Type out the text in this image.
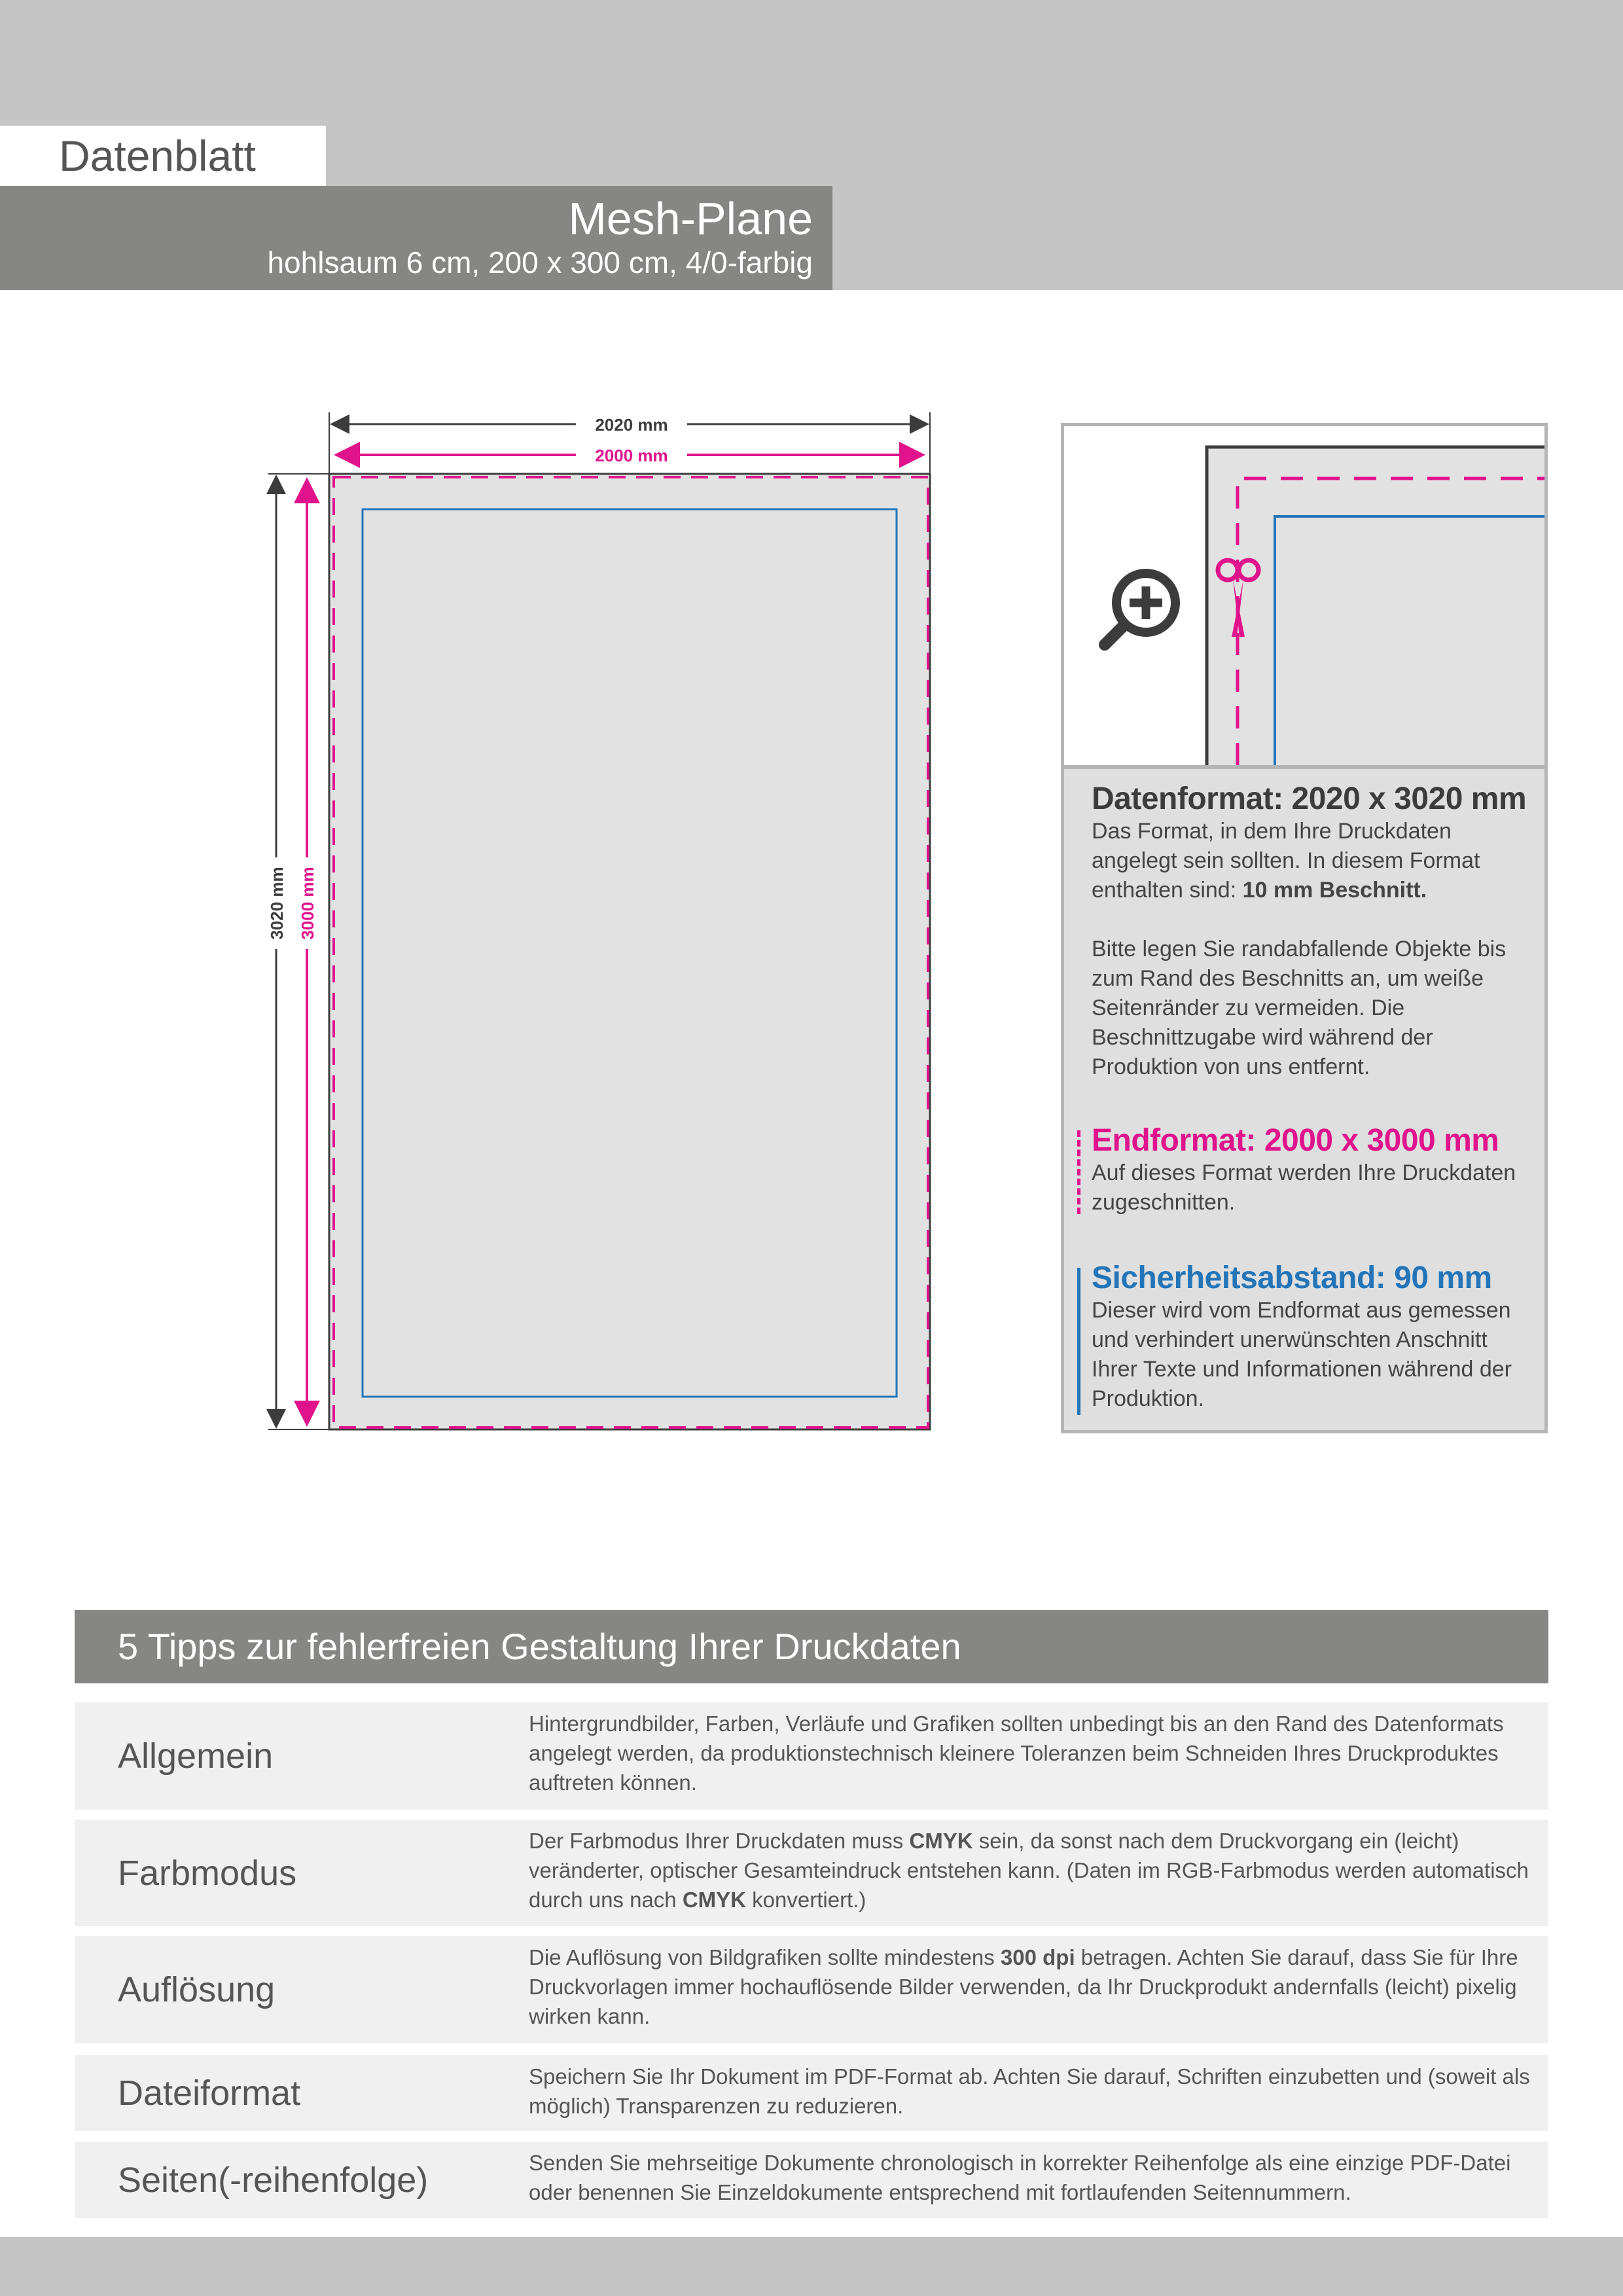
Datenblatt
Mesh-Plane
hohlsaum 6 cm, 200 x 300 cm, 4/0-farbig
2020 mm
2000 mm
3020 mm 3000 mm
Datenformat: 2020 x 3020 mm
Das Format, in dem Ihre Druckdaten angelegt sein sollten. In diesem Format enthalten sind: 10 mm Beschnitt.
Bitte legen Sie randabfallende Objekte bis zum Rand des Beschnitts an, um weiße Seitenränder zu vermeiden. Die Beschnittzugabe wird während der Produktion von uns entfernt.
Endformat: 2000 x 3000 mm
Auf dieses Format werden Ihre Druckdaten zugeschnitten.
Sicherheitsabstand: 90 mm
Dieser wird vom Endformat aus gemessen und verhindert unerwünschten Anschnitt Ihrer Texte und Informationen während der Produktion.
5 Tipps zur fehlerfreien Gestaltung Ihrer Druckdaten
Allgemein
Hintergrundbilder, Farben, Verläufe und Grafiken sollten unbedingt bis an den Rand des Datenformats angelegt werden, da produktionstechnisch kleinere Toleranzen beim Schneiden Ihres Druckproduktes auftreten können.
Farbmodus
Der Farbmodus Ihrer Druckdaten muss CMYK sein, da sonst nach dem Druckvorgang ein (leicht) veränderter, optischer Gesamteindruck entstehen kann. (Daten im RGB-Farbmodus werden automatisch durch uns nach CMYK konvertiert.)
Auflösung
Die Auflösung von Bildgrafiken sollte mindestens 300 dpi betragen. Achten Sie darauf, dass Sie für Ihre Druckvorlagen immer hochauflösende Bilder verwenden, da Ihr Druckprodukt andernfalls (leicht) pixelig wirken kann.
Dateiformat	Speichern Sie Ihr Dokument im PDF-Format ab. Achten Sie darauf, Schriften einzubetten und (soweit als möglich) Transparenzen zu reduzieren.
Seiten(-reihenfolge)	Senden Sie mehrseitige Dokumente chronologisch in korrekter Reihenfolge als eine einzige PDF-Datei oder benennen Sie Einzeldokumente entsprechend mit fortlaufenden Seitennummern.
